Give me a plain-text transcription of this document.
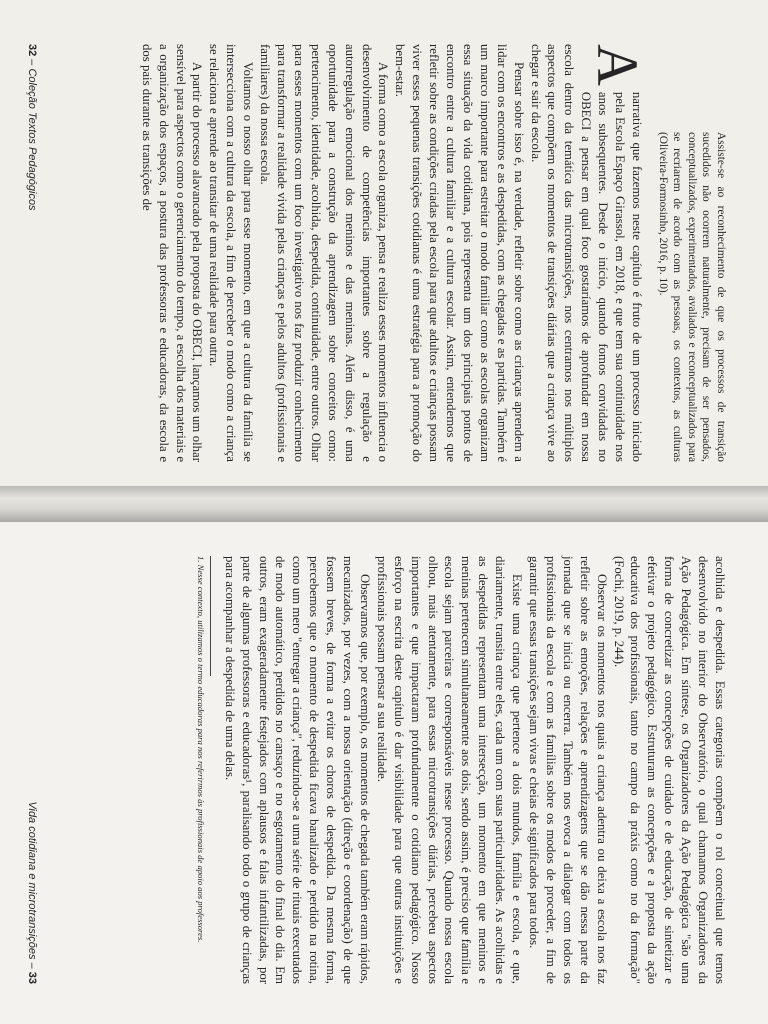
Assiste-se ao reconhecimento de que os processos de transição sucedidos não ocorrem naturalmente, precisam de ser pensados, conceptualizados, experimentados, avaliados e reconceptualizados para se recriarem de acordo com as pessoas, os contextos, as culturas (Oliveira-Formosinho, 2016, p. 10).

A
narrativa que fazemos neste capítulo é fruto de um processo iniciado pela Escola Espaço Girassol, em 2018, e que tem sua continuidade nos anos subsequentes. Desde o início, quando fomos convidadas no OBECI a pensar em qual foco gostaríamos de aprofundar em nossa escola dentro da temática das microtransições, nos centramos nos múltiplos aspectos que compõem os momentos de transições diárias que a criança vive ao chegar e sair da escola.

Pensar sobre isso é, na verdade, refletir sobre como as crianças aprendem a lidar com os encontros e as despedidas, com as chegadas e as partidas. Também é um marco importante para estreitar o modo familiar como as escolas organizam essa situação da vida cotidiana, pois representa um dos principais pontos de encontro entre a cultura familiar e a cultura escolar. Assim, entendemos que refletir sobre as condições criadas pela escola para que adultos e crianças possam viver esses pequenas transições cotidianas é uma estratégia para a promoção do bem-estar.

A forma como a escola organiza, pensa e realiza esses momentos influencia o desenvolvimento de competências importantes sobre a regulação e autorregulação emocional dos meninos e das meninas. Além disso, é uma oportunidade para a construção da aprendizagem sobre conceitos como: pertencimento, identidade, acolhida, despedida, continuidade, entre outros. Olhar para esses momentos com um foco investigativo nos faz produzir conhecimento para transformar a realidade vivida pelas crianças e pelos adultos (profissionais e familiares) da nossa escola.

Voltamos o nosso olhar para esse momento, em que a cultura da família se intersecciona com a cultura da escola, a fim de perceber o modo como a criança se relaciona e aprende ao transitar de uma realidade para outra.

A partir do processo alavancado pela proposta do OBECI, lançamos um olhar sensível para aspectos como o gerenciamento do tempo, a escolha dos materiais e a organização dos espaços, a postura das professoras e educadoras, da escola e dos pais durante as transições de

32 – Coleção Textos Pedagógicos

acolhida e despedida. Essas categorias compõem o rol conceitual que temos desenvolvido no interior do Observatório, o qual chamamos Organizadores da Ação Pedagógica. Em síntese, os Organizadores da Ação Pedagógica "são uma forma de concretizar as concepções de cuidado e de educação, de sintetizar e efetivar o projeto pedagógico. Estruturam as concepções e a proposta da ação educativa dos profissionais, tanto no campo da práxis como no da formação" (Fochi, 2019, p. 244).

Observar os momentos nos quais a criança adentra ou deixa a escola nos faz refletir sobre as emoções, relações e aprendizagens que se dão nessa parte da jornada que se inicia ou encerra. Também nos evoca a dialogar com todos os profissionais da escola e com as famílias sobre os modos de proceder, a fim de garantir que essas transições sejam vivas e cheias de significados para todos.

Existe uma criança que pertence a dois mundos, família e escola, e que, diariamente, transita entre eles, cada um com suas particularidades. As acolhidas e as despedidas representam uma intersecção, um momento em que meninos e meninas pertencem simultaneamente aos dois, sendo assim, é preciso que família e escola sejam parceiras e corresponsáveis nesse processo. Quando nossa escola olhou, mais atentamente, para essas microtransições diárias, percebeu aspectos importantes e que impactaram profundamente o cotidiano pedagógico. Nosso esforço na escrita deste capítulo é dar visibilidade para que outras instituições e profissionais possam pensar a sua realidade.

Observamos que, por exemplo, os momentos de chegada também eram rápidos, mecanizados, por vezes, com a nossa orientação (direção e coordenação) de que fossem breves, de forma a evitar os choros de despedida. Da mesma forma, percebemos que o momento de despedida ficava banalizado e perdido na rotina, como um mero "entregar a criança", reduzindo-se a uma série de rituais executados de modo automático, perdidos no cansaço e no esgotamento do final do dia. Em outros, eram exageradamente festejados com aplausos e falas infantilizadas, por parte de algumas professoras e educadoras¹, paralisando todo o grupo de crianças para acompanhar a despedida de uma delas.

1. Nesse contexto, utilizamos o termo educadoras para nos referirmos às profissionais de apoio aos professores.

Vida cotidiana e microtransições – 33
